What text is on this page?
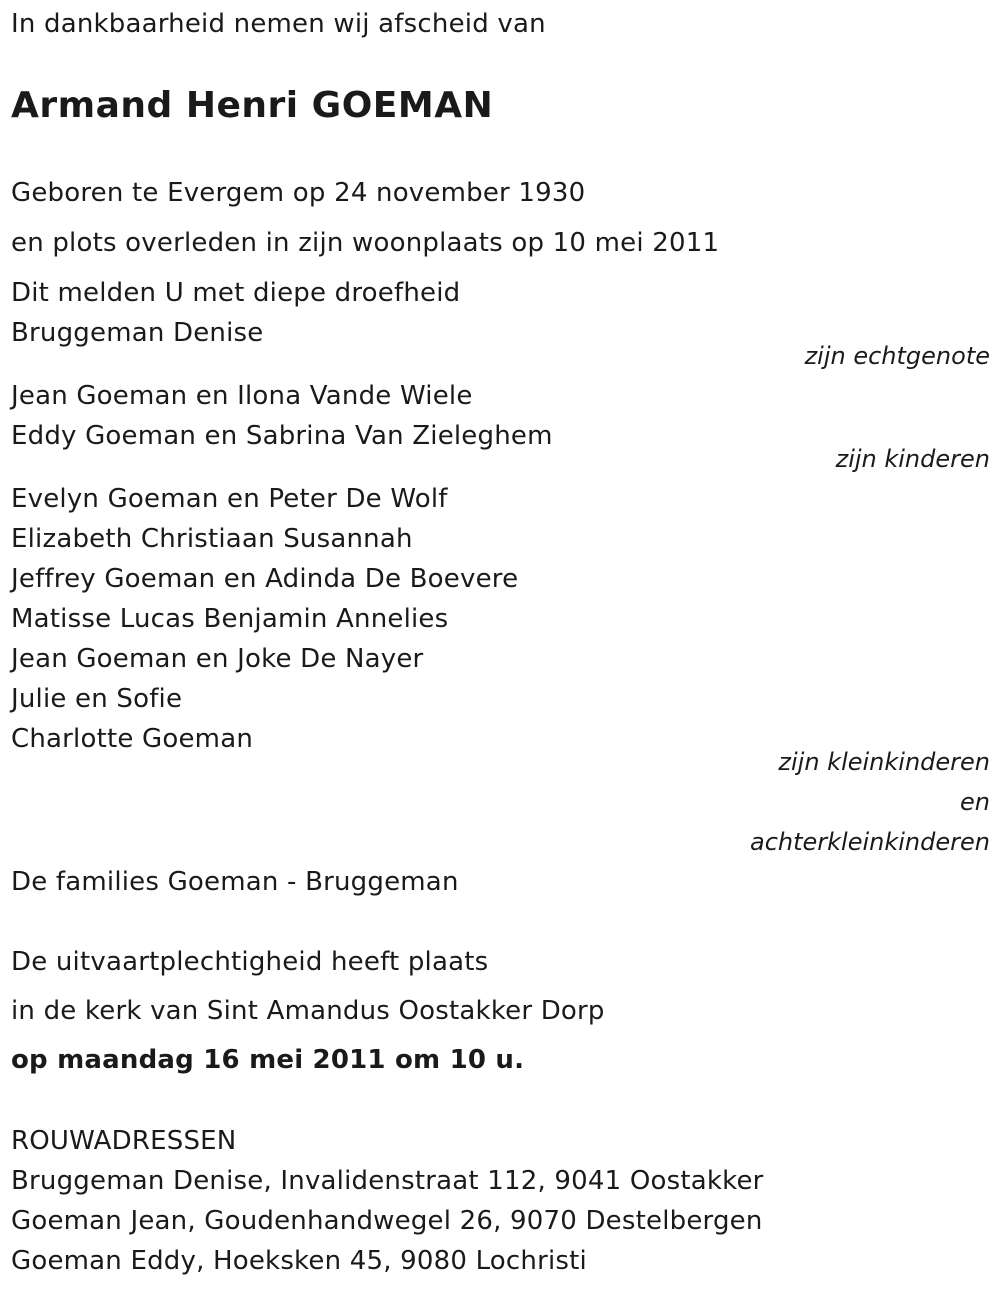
In dankbaarheid nemen wij afscheid van
Armand Henri GOEMAN
Geboren te Evergem op 24 november 1930
en plots overleden in zijn woonplaats op 10 mei 2011
Dit melden U met diepe droefheid
Bruggeman Denise
zijn echtgenote
Jean Goeman en Ilona Vande Wiele
Eddy Goeman en Sabrina Van Zieleghem
zijn kinderen
Evelyn Goeman en Peter De Wolf
Elizabeth Christiaan Susannah
Jeffrey Goeman en Adinda De Boevere
Matisse Lucas Benjamin Annelies
Jean Goeman en Joke De Nayer
Julie en Sofie
Charlotte Goeman
zijn kleinkinderen
en
achterkleinkinderen
De families Goeman - Bruggeman
De uitvaartplechtigheid heeft plaats
in de kerk van Sint Amandus Oostakker Dorp
op maandag 16 mei 2011 om 10 u.
ROUWADRESSEN
Bruggeman Denise, Invalidenstraat 112, 9041 Oostakker
Goeman Jean, Goudenhandwegel 26, 9070 Destelbergen
Goeman Eddy, Hoeksken 45, 9080 Lochristi
